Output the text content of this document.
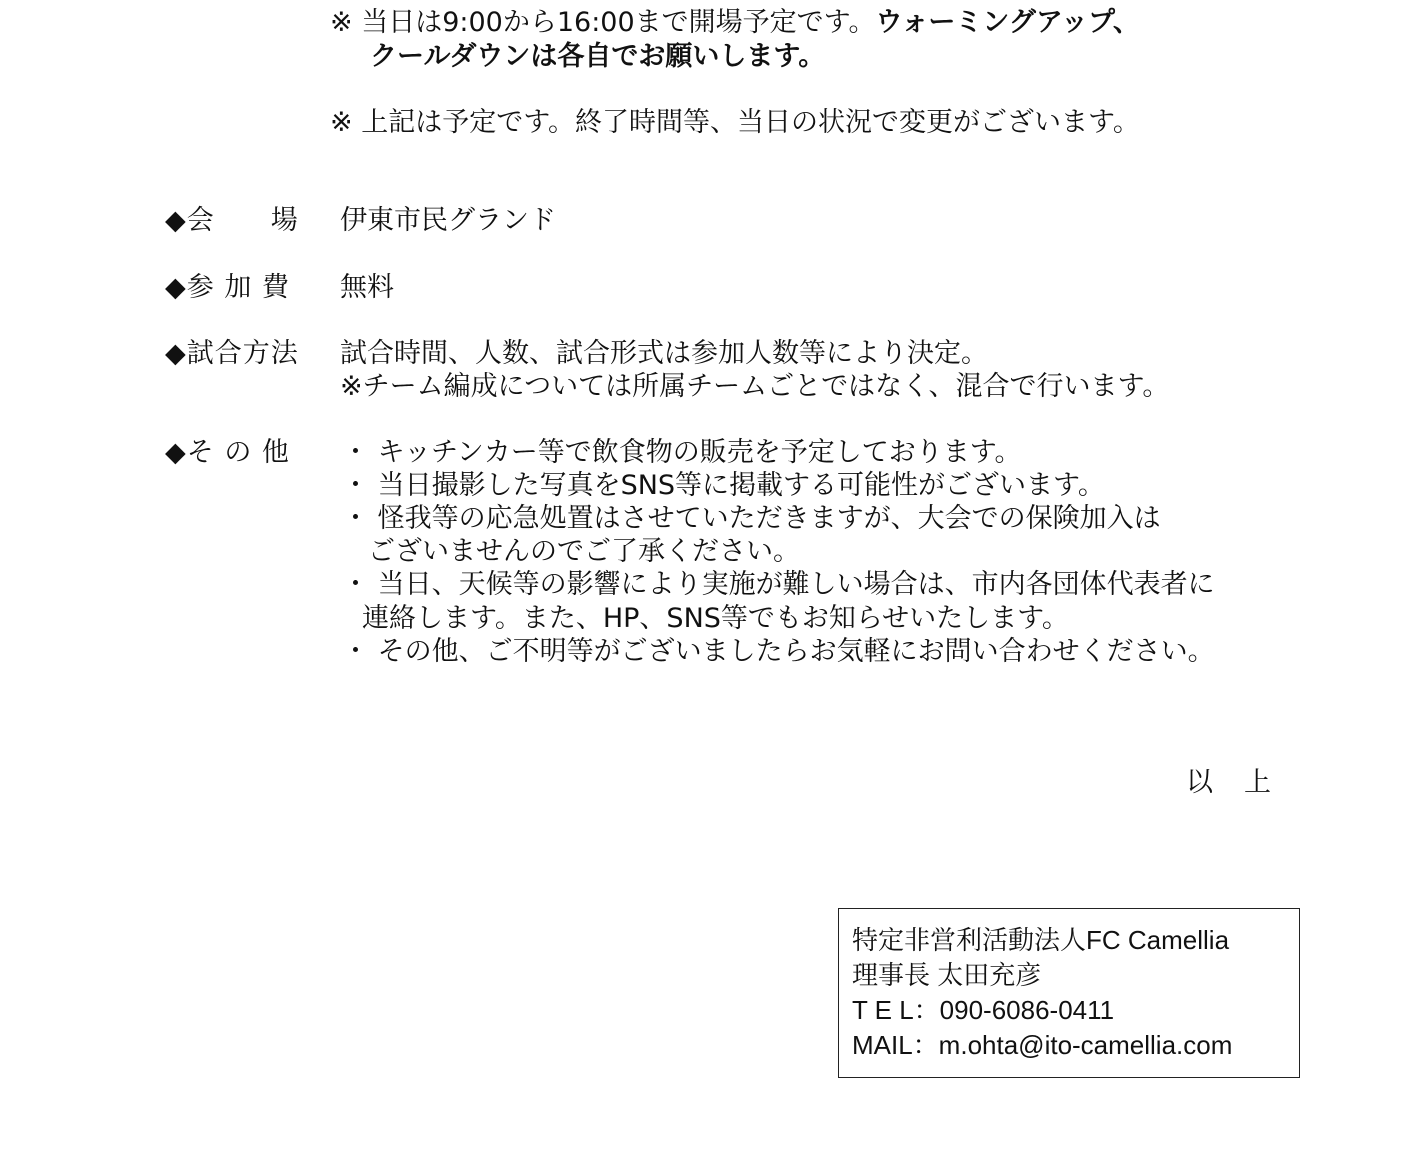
※ 当日は9:00から16:00まで開場予定です。ウォーミングアップ、
クールダウンは各自でお願いします。
※ 上記は予定です。終了時間等、当日の状況で変更がございます。
◆会　　場 伊東市民グランド
◆参 加 費 無料
◆試合方法 試合時間、人数、試合形式は参加人数等により決定。
※チーム編成については所属チームごとではなく、混合で行います。
◆そ の 他 ・ キッチンカー等で飲食物の販売を予定しております。
・ 当日撮影した写真をSNS等に掲載する可能性がございます。
・ 怪我等の応急処置はさせていただきますが、大会での保険加入は
ございませんのでご了承ください。
・ 当日、天候等の影響により実施が難しい場合は、市内各団体代表者に
連絡します。また、HP、SNS等でもお知らせいたします。
・ その他、ご不明等がございましたらお気軽にお問い合わせください。
以　上
特定非営利活動法人FC Camellia
理事長 太田充彦
T E L：090-6086-0411
MAIL：m.ohta@ito-camellia.com
